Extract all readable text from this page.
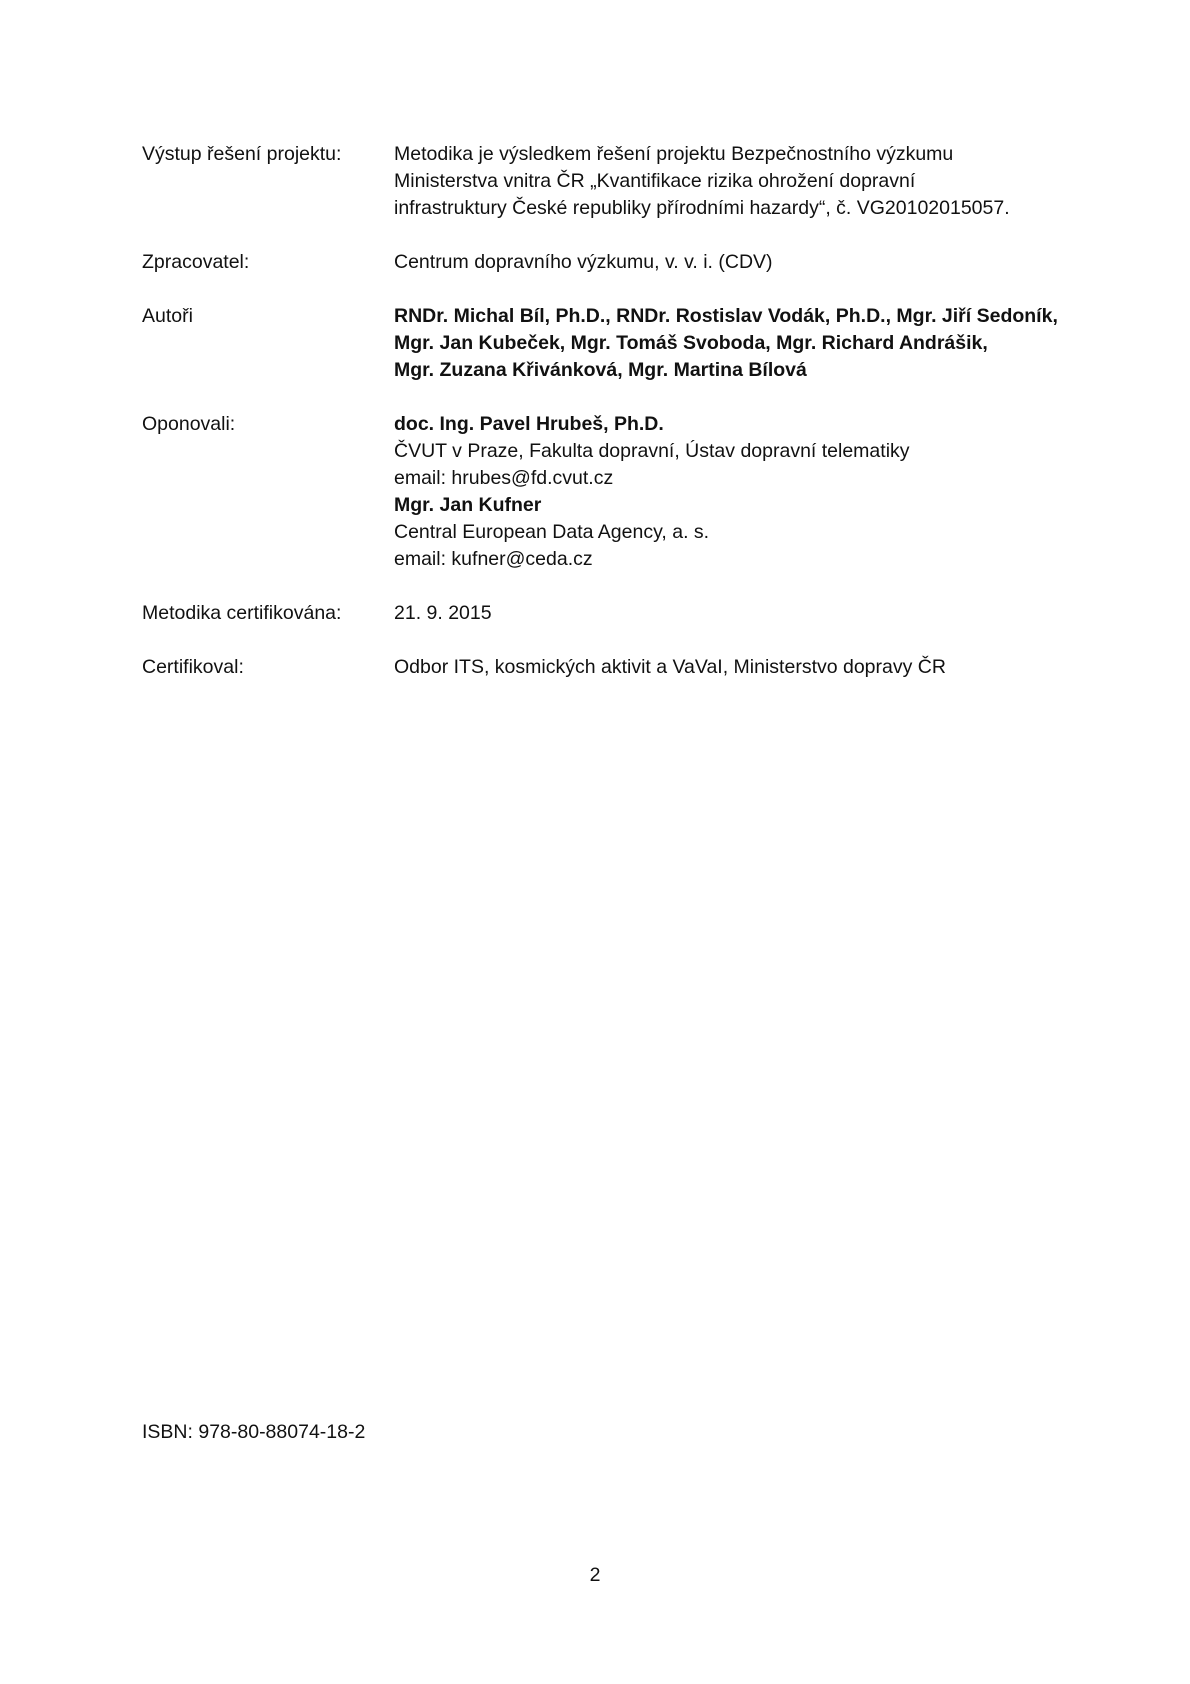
Výstup řešení projektu:	Metodika je výsledkem řešení projektu Bezpečnostního výzkumu
Ministerstva vnitra ČR „Kvantifikace rizika ohrožení dopravní
infrastruktury České republiky přírodními hazardy“, č. VG20102015057.
Zpracovatel:	Centrum dopravního výzkumu, v. v. i. (CDV)
Autoři	RNDr. Michal Bíl, Ph.D., RNDr. Rostislav Vodák, Ph.D., Mgr. Jiří Sedoník,
Mgr. Jan Kubeček, Mgr. Tomáš Svoboda, Mgr. Richard Andrášik,
Mgr. Zuzana Křivánková, Mgr. Martina Bílová
Oponovali:	doc. Ing. Pavel Hrubeš, Ph.D.
ČVUT v Praze, Fakulta dopravní, Ústav dopravní telematiky
email: hrubes@fd.cvut.cz
Mgr. Jan Kufner
Central European Data Agency, a. s.
email: kufner@ceda.cz
Metodika certifikována:	21. 9. 2015
Certifikoval:	Odbor ITS, kosmických aktivit a VaVaI, Ministerstvo dopravy ČR
ISBN: 978-80-88074-18-2
2
